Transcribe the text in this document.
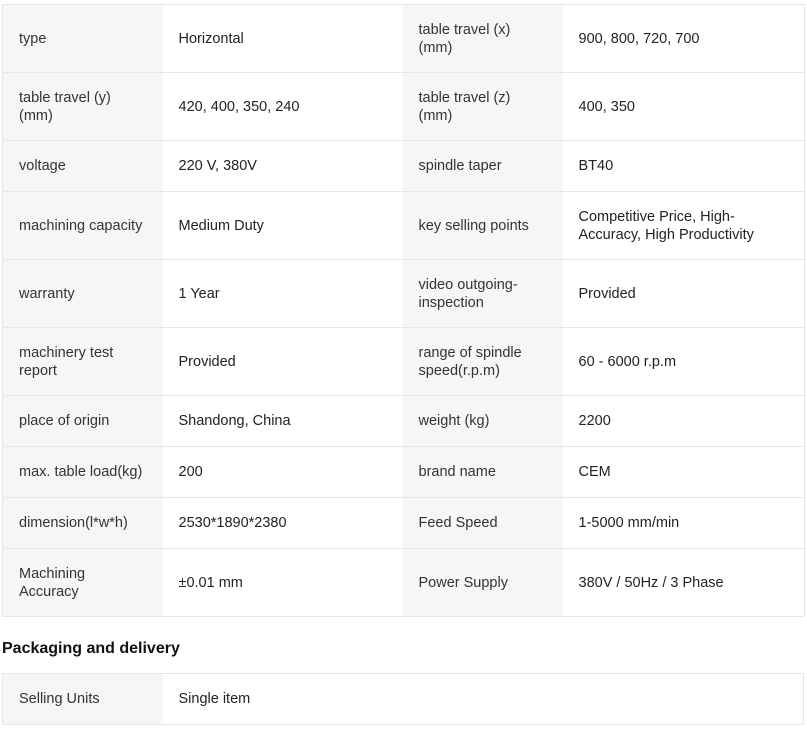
type	Horizontal	table travel (x) (mm)	900, 800, 720, 700
table travel (y) (mm)	420, 400, 350, 240	table travel (z) (mm)	400, 350
voltage	220 V, 380V	spindle taper	BT40
machining capacity	Medium Duty	key selling points	Competitive Price, High-Accuracy, High Productivity
warranty	1 Year	video outgoing-inspection	Provided
machinery test report	Provided	range of spindle speed(r.p.m)	60 - 6000 r.p.m
place of origin	Shandong, China	weight (kg)	2200
max. table load(kg)	200	brand name	CEM
dimension(l*w*h)	2530*1890*2380	Feed Speed	1-5000 mm/min
Machining Accuracy	±0.01 mm	Power Supply	380V / 50Hz / 3 Phase
Packaging and delivery
Selling Units	Single item
